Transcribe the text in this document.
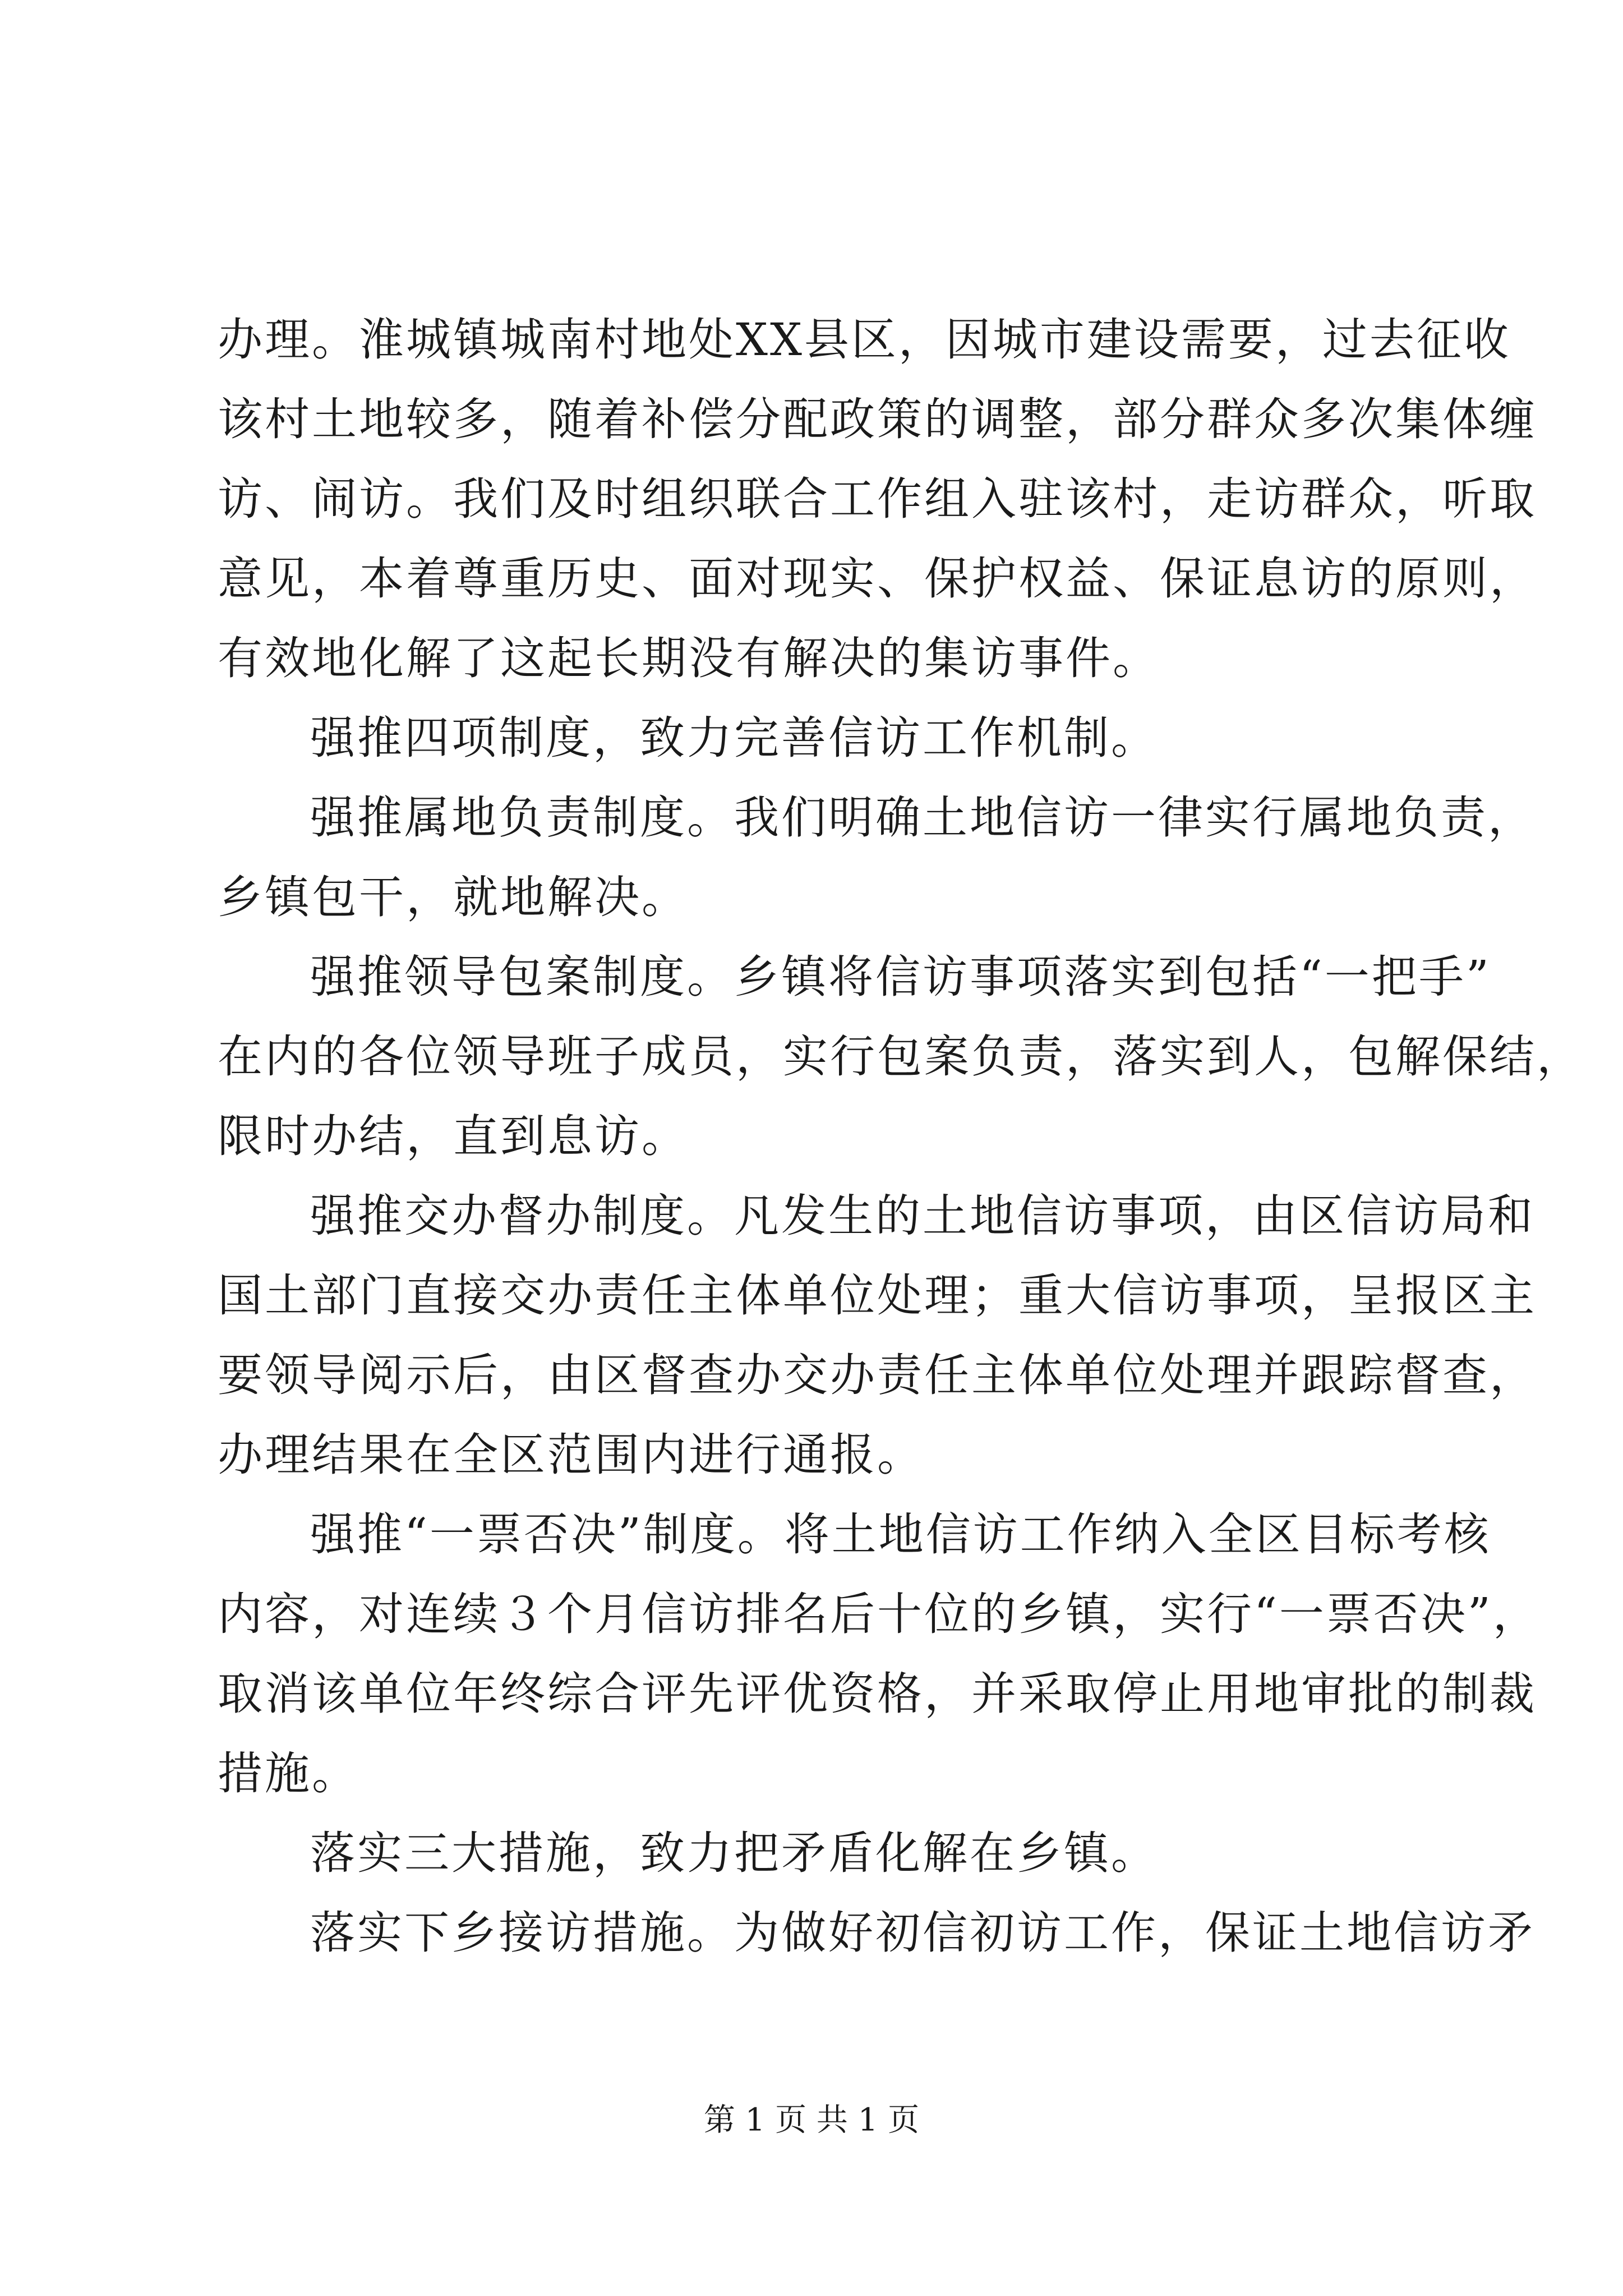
办理。淮城镇城南村地处XX县区，因城市建设需要，过去征收
该村土地较多，随着补偿分配政策的调整，部分群众多次集体缠
访、闹访。我们及时组织联合工作组入驻该村，走访群众，听取
意见，本着尊重历史、面对现实、保护权益、保证息访的原则，
有效地化解了这起长期没有解决的集访事件。
强推四项制度，致力完善信访工作机制。
强推属地负责制度。我们明确土地信访一律实行属地负责，
乡镇包干，就地解决。
强推领导包案制度。乡镇将信访事项落实到包括“一把手”
在内的各位领导班子成员，实行包案负责，落实到人，包解保结，
限时办结，直到息访。
强推交办督办制度。凡发生的土地信访事项，由区信访局和
国土部门直接交办责任主体单位处理；重大信访事项，呈报区主
要领导阅示后，由区督查办交办责任主体单位处理并跟踪督查，
办理结果在全区范围内进行通报。
强推“一票否决”制度。将土地信访工作纳入全区目标考核
内容，对连续３个月信访排名后十位的乡镇，实行“一票否决”，
取消该单位年终综合评先评优资格，并采取停止用地审批的制裁
措施。
落实三大措施，致力把矛盾化解在乡镇。
落实下乡接访措施。为做好初信初访工作，保证土地信访矛
第 1 页 共 1 页
